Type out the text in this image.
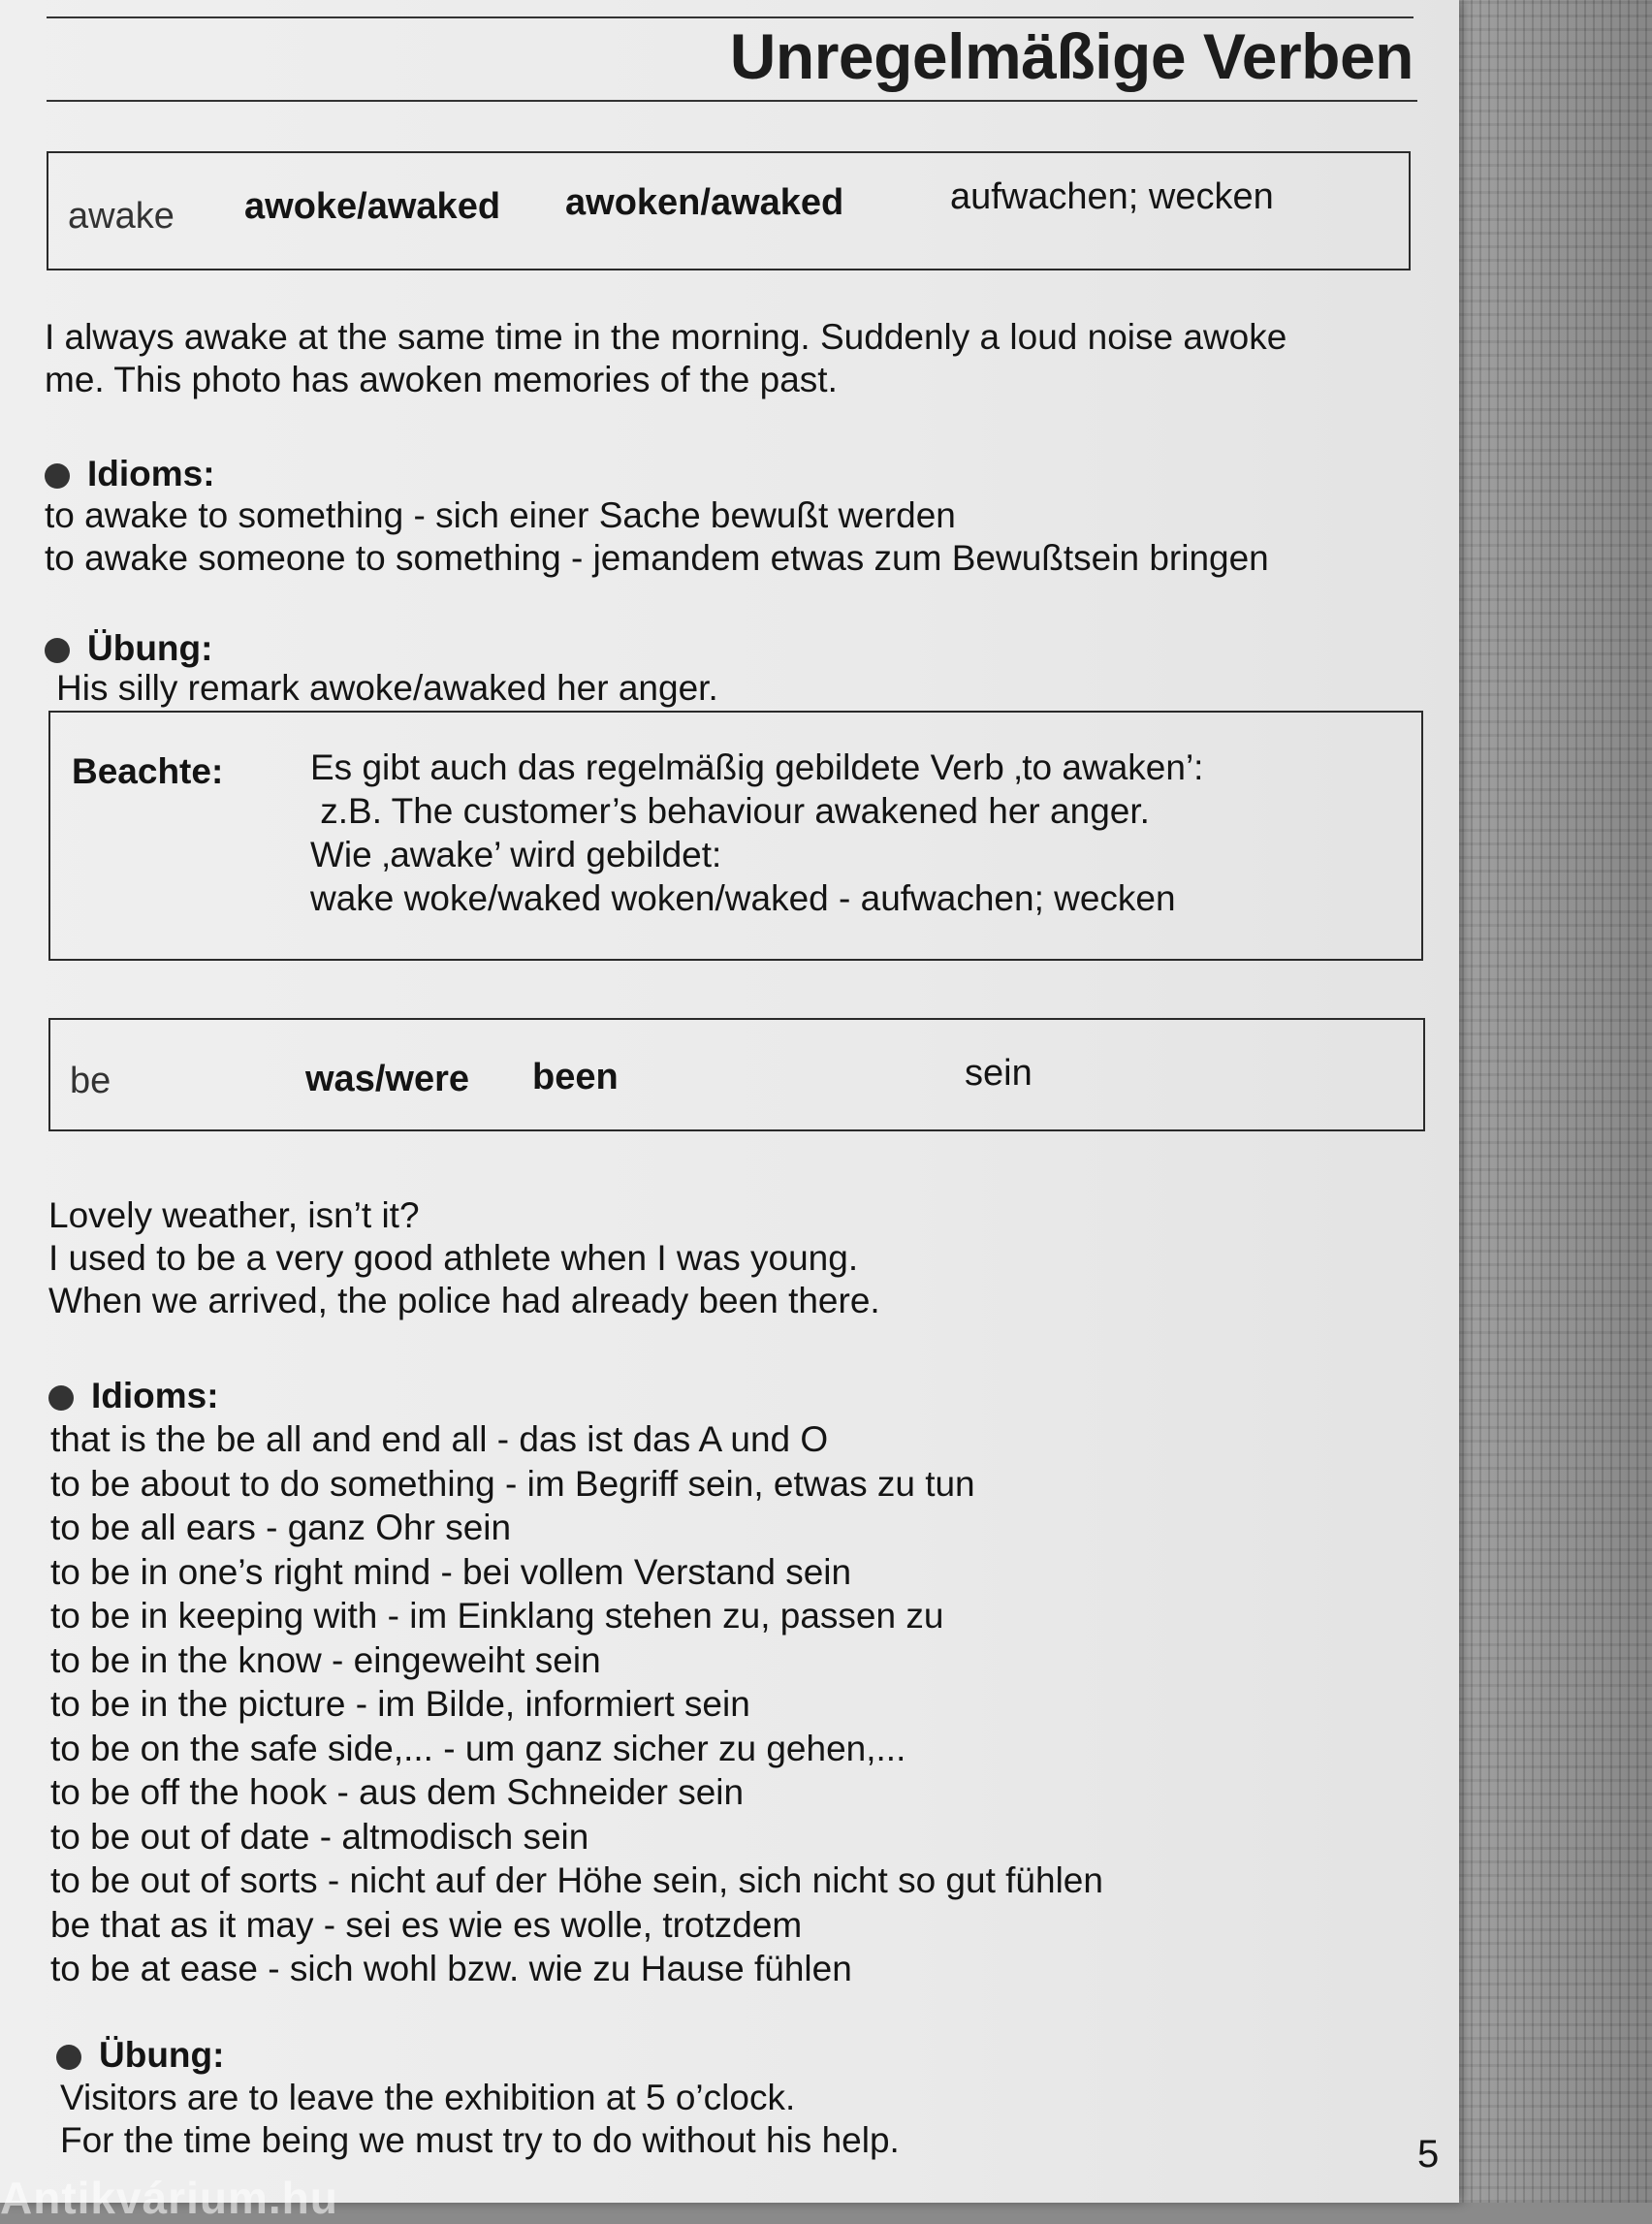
Unregelmäßige Verben
awake awoke/awaked awoken/awaked	aufwachen; wecken

I always awake at the same time in the morning. Suddenly a loud noise awoke

me. This photo has awoken memories of the past.

Idioms:

to awake to something - sich einer Sache bewußt werden

to awake someone to something - jemandem etwas zum Bewußtsein bringen

Übung:

His silly remark awoke/awaked her anger.

Beachte: Es gibt auch das regelmäßig gebildete Verb ‚to awaken’:

z.B. The customer’s behaviour awakened her anger.

Wie ‚awake’ wird gebildet:

wake woke/waked woken/waked - aufwachen; wecken

be	was/were been	sein

Lovely weather, isn’t it?

I used to be a very good athlete when I was young.

When we arrived, the police had already been there.

Idioms:

that is the be all and end all - das ist das A und O

to be about to do something - im Begriff sein, etwas zu tun

to be all ears - ganz Ohr sein

to be in one’s right mind - bei vollem Verstand sein

to be in keeping with - im Einklang stehen zu, passen zu

to be in the know - eingeweiht sein

to be in the picture - im Bilde, informiert sein

to be on the safe side,... - um ganz sicher zu gehen,...

to be off the hook - aus dem Schneider sein

to be out of date - altmodisch sein

to be out of sorts - nicht auf der Höhe sein, sich nicht so gut fühlen

be that as it may - sei es wie es wolle, trotzdem

to be at ease - sich wohl bzw. wie zu Hause fühlen

Übung:

Visitors are to leave the exhibition at 5 o’clock.

For the time being we must try to do without his help.	5
Antikvárium.hu
